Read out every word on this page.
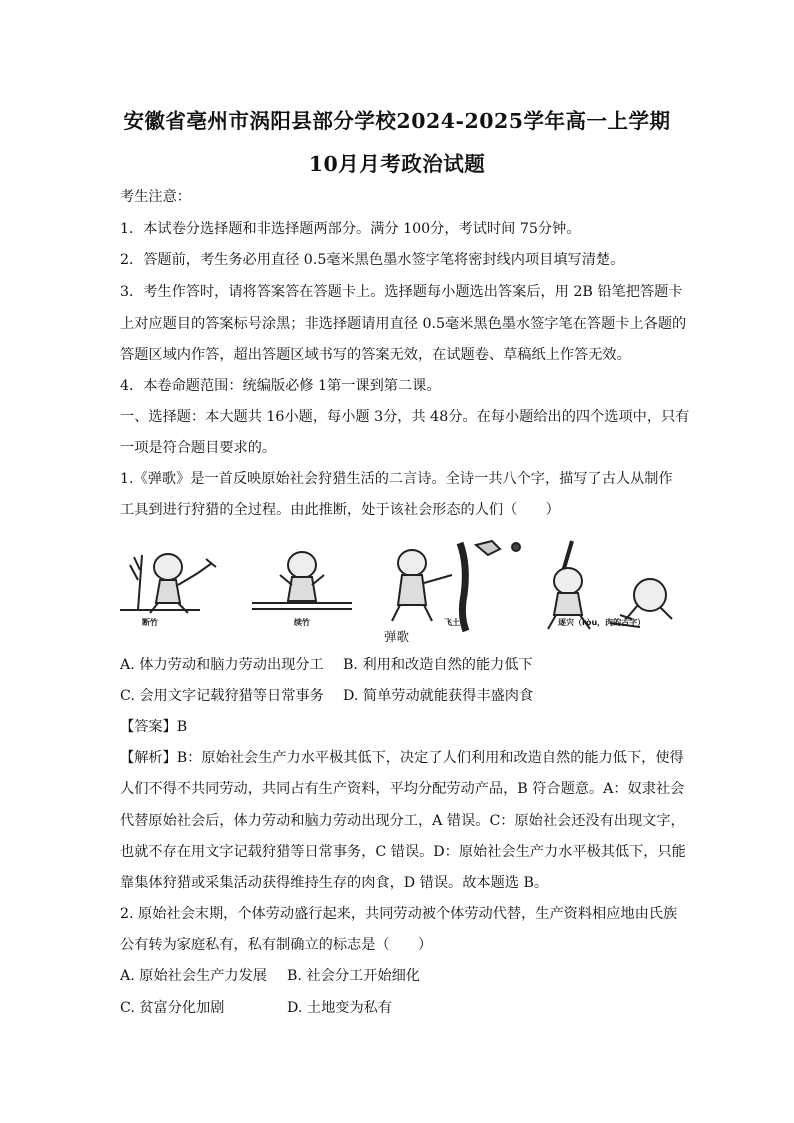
安徽省亳州市涡阳县部分学校2024-2025学年高一上学期
10月月考政治试题
考生注意：
1．本试卷分选择题和非选择题两部分。满分 100分，考试时间 75分钟。
2．答题前，考生务必用直径 0.5毫米黑色墨水签字笔将密封线内项目填写清楚。
3．考生作答时，请将答案答在答题卡上。选择题每小题选出答案后，用 2B 铅笔把答题卡
上对应题目的答案标号涂黑；非选择题请用直径 0.5毫米黑色墨水签字笔在答题卡上各题的
答题区域内作答，超出答题区域书写的答案无效，在试题卷、草稿纸上作答无效。
4．本卷命题范围：统编版必修 1第一课到第二课。
一、选择题：本大题共 16小题，每小题 3分，共 48分。在每小题给出的四个选项中，只有
一项是符合题目要求的。
1.《弹歌》是一首反映原始社会狩猎生活的二言诗。全诗一共八个字，描写了古人从制作
工具到进行狩猎的全过程。由此推断，处于该社会形态的人们（　　）
断竹	续竹	飞土	逐宍（ròu，肉的古字）
弹歌
A. 体力劳动和脑力劳动出现分工 B. 利用和改造自然的能力低下
C. 会用文字记载狩猎等日常事务 D. 简单劳动就能获得丰盛肉食
【答案】B
【解析】B：原始社会生产力水平极其低下，决定了人们利用和改造自然的能力低下，使得
人们不得不共同劳动，共同占有生产资料，平均分配劳动产品，B 符合题意。A：奴隶社会
代替原始社会后，体力劳动和脑力劳动出现分工，A 错误。C：原始社会还没有出现文字，
也就不存在用文字记载狩猎等日常事务，C 错误。D：原始社会生产力水平极其低下，只能
靠集体狩猎或采集活动获得维持生存的肉食，D 错误。故本题选 B。
2. 原始社会末期，个体劳动盛行起来，共同劳动被个体劳动代替，生产资料相应地由氏族
公有转为家庭私有，私有制确立的标志是（　　）
A. 原始社会生产力发展 B. 社会分工开始细化
C. 贫富分化加剧	D. 土地变为私有
